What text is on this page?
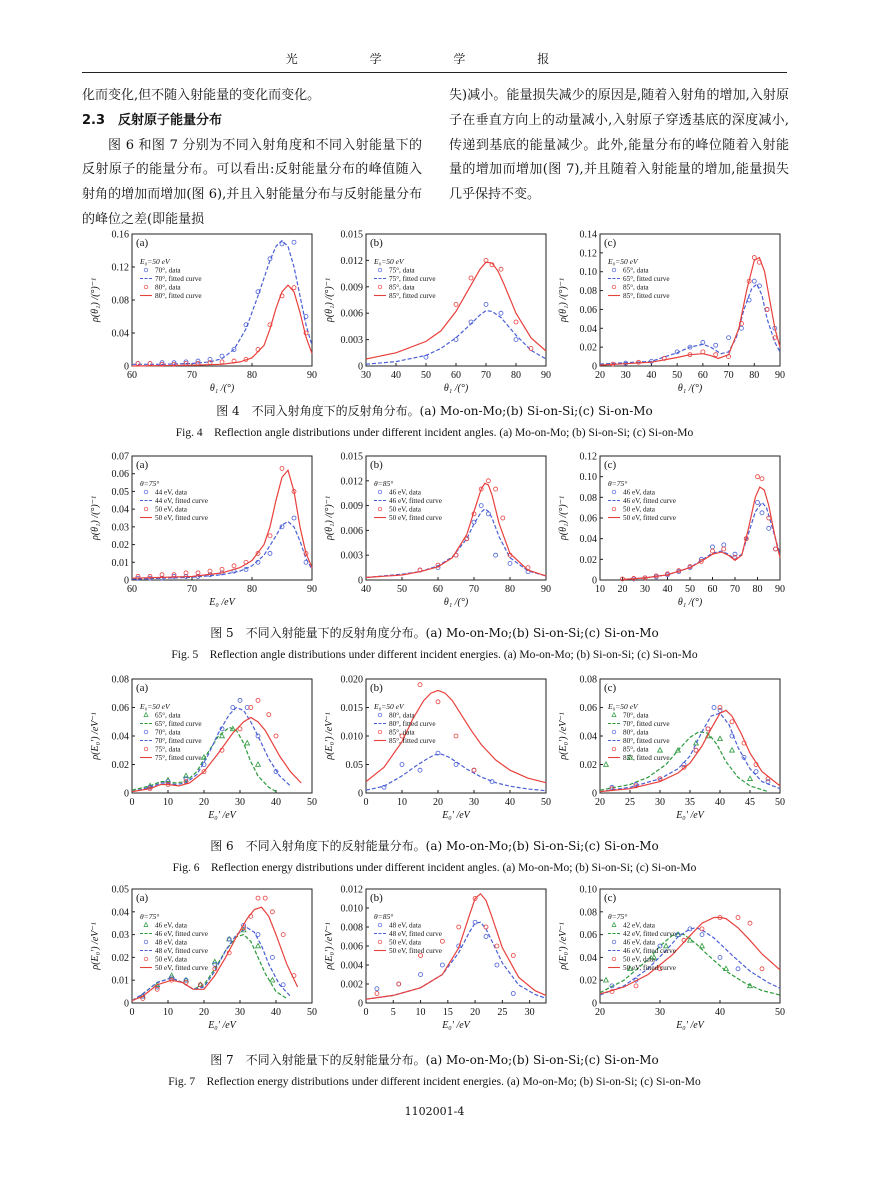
光 学 学 报

化而变化,但不随入射能量的变化而变化。

2.3　反射原子能量分布

图 6 和图 7 分别为不同入射角度和不同入射能量下的反射原子的能量分布。可以看出:反射能量分布的峰值随入射角的增加而增加(图 6),并且入射能量分布与反射能量分布的峰位之差(即能量损

失)减小。能量损失减少的原因是,随着入射角的增加,入射原子在垂直方向上的动量减小,入射原子穿透基底的深度减小,传递到基底的能量减少。此外,能量分布的峰位随着入射能量的增加而增加(图 7),并且随着入射能量的增加,能量损失几乎保持不变。

60	70	80	90
0
0.04
0.08
0.12
0.16
θ₁ /(°)
ρ(θ₁) /(°)⁻¹
(a)
E₀=50 eV
70°, data
70°, fitted curve
80°, data
80°, fitted curve
30 40 50 60 70 80 90
0
0.003
0.006
0.009
0.012
0.015
θ₁ /(°)
ρ(θ₁) /(°)⁻¹
(b)
E₀=50 eV
75°, data
75°, fitted curve
85°, data
85°, fitted curve
20 30 40 50 60 70 80 90
0
0.02
0.04
0.06
0.08
0.10
0.12
0.14
θ₁ /(°)
ρ(θ₁) /(°)⁻¹
(c)
E₀=50 eV
65°, data
65°, fitted curve
85°, data
85°, fitted curve
图 4　不同入射角度下的反射角分布。(a) Mo-on-Mo;(b) Si-on-Si;(c) Si-on-Mo
Fig. 4　Reflection angle distributions under different incident angles. (a) Mo-on-Mo; (b) Si-on-Si; (c) Si-on-Mo
60	70	80	90
0
0.01
0.02
0.03
0.04
0.05
0.06
0.07
E₀ /eV
ρ(θ₁) /(°)⁻¹
(a)
θ=75°
44 eV, data
44 eV, fitted curve
50 eV, data
50 eV, fitted curve
40	50	60	70	80	90
0
0.003
0.006
0.009
0.012
0.015
θ₁ /(°)
ρ(θ₁) /(°)⁻¹
(b)
θ=85°
46 eV, data
46 eV, fitted curve
50 eV, data
50 eV, fitted curve
10 20 30 40 50 60 70 80 90
0
0.02
0.04
0.06
0.08
0.10
0.12
θ₁ /(°)
ρ(θ₁) /(°)⁻¹
(c)
θ=75°
46 eV, data
46 eV, fitted curve
50 eV, data
50 eV, fitted curve
图 5　不同入射能量下的反射角度分布。(a) Mo-on-Mo;(b) Si-on-Si;(c) Si-on-Mo
Fig. 5　Reflection angle distributions under different incident energies. (a) Mo-on-Mo; (b) Si-on-Si; (c) Si-on-Mo
0	10	20	30	40	50
0
0.02
0.04
0.06
0.08
E₀′ /eV
ρ(E₀′) /eV⁻¹
(a)
E₀=50 eV
65°, data
65°, fitted curve
70°, data
70°, fitted curve
75°, data
75°, fitted curve
0	10	20	30	40	50
0
0.05
0.010
0.015
0.020
E₀′ /eV
ρ(E₀′) /eV⁻¹
(b)
E₀=50 eV
80°, data
80°, fitted curve
85°, data
85°, fitted curve
20 25 30 35 40 45 50
0
0.02
0.04
0.06
0.08
E₀′ /eV
ρ(E₀′) /eV⁻¹
(c)
E₀=50 eV
70°, data
70°, fitted curve
80°, data
80°, fitted curve
85°, data
85°, fitted curve
图 6　不同入射角度下的反射能量分布。(a) Mo-on-Mo;(b) Si-on-Si;(c) Si-on-Mo
Fig. 6　Reflection energy distributions under different incident angles. (a) Mo-on-Mo; (b) Si-on-Si; (c) Si-on-Mo
0	10	20	30	40	50
0
0.01
0.02
0.03
0.04
0.05
E₀′ /eV
ρ(E₀′) /eV⁻¹
(a)
θ=75°
46 eV, data
46 eV, fitted curve
48 eV, data
48 eV, fitted curve
50 eV, data
50 eV, fitted curve
0 5 10 15 20 25 30
0
0.002
0.004
0.006
0.008
0.010
0.012
E₀′ /eV
ρ(E₀′) /eV⁻¹
(b)
θ=85°
48 eV, data
48 eV, fitted curve
50 eV, data
50 eV, fitted curve
20	30	40	50
0
0.02
0.04
0.06
0.08
0.10
E₀′ /eV
ρ(E₀′) /eV⁻¹
(c)
θ=75°
42 eV, data
42 eV, fitted curve
46 eV, data
46 eV, fitted curve
50 eV, data
50 eV, fitted curve
图 7　不同入射能量下的反射能量分布。(a) Mo-on-Mo;(b) Si-on-Si;(c) Si-on-Mo
Fig. 7　Reflection energy distributions under different incident energies. (a) Mo-on-Mo; (b) Si-on-Si; (c) Si-on-Mo
1102001-4
